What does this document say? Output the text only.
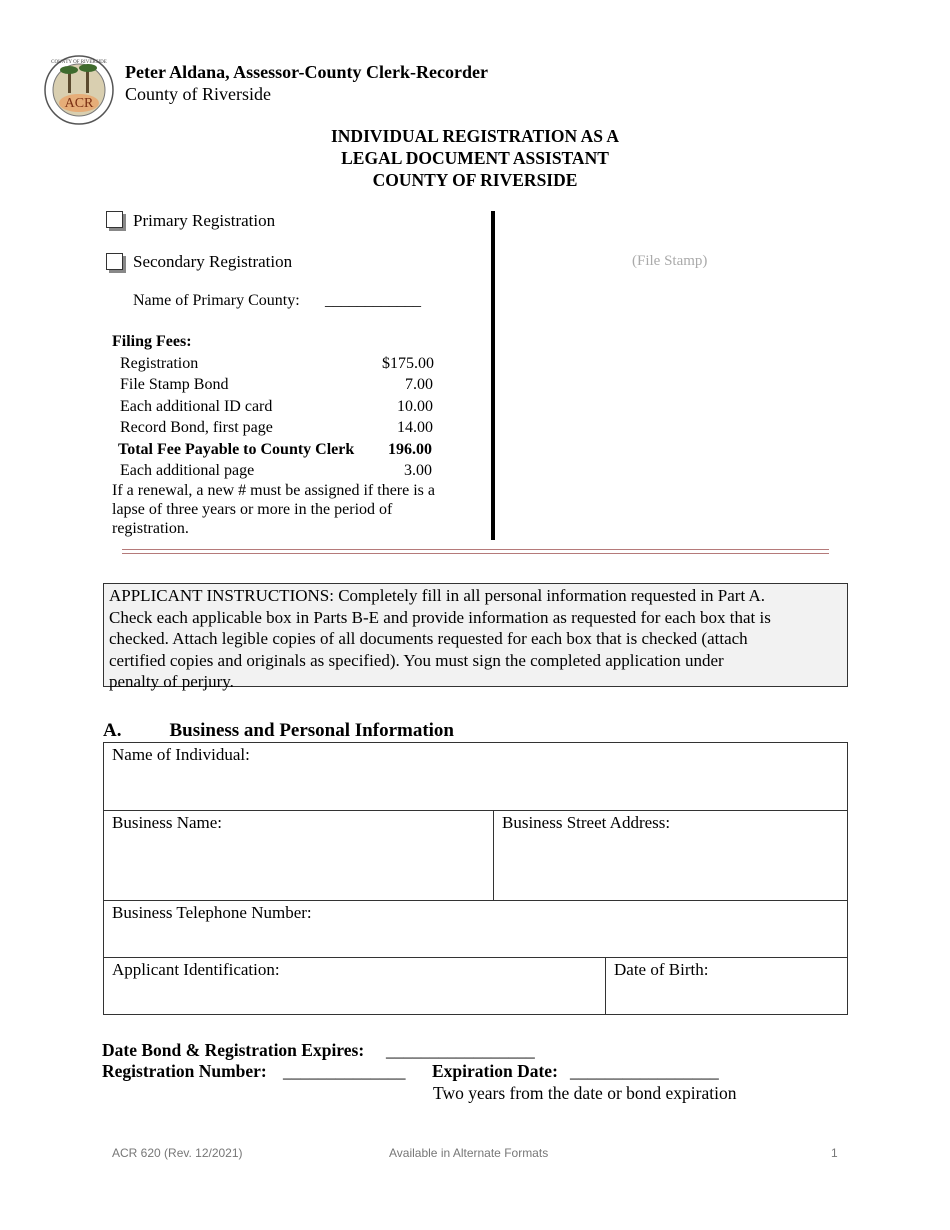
ACR
COUNTY OF RIVERSIDE Peter Aldana, Assessor-County Clerk-Recorder
County of Riverside
INDIVIDUAL REGISTRATION AS A
LEGAL DOCUMENT ASSISTANT
COUNTY OF RIVERSIDE
Primary Registration
Secondary Registration
Name of Primary County: ____________
(File Stamp)
Filing Fees:
Registration	$175.00
File Stamp Bond	7.00
Each additional ID card	10.00
Record Bond, first page	14.00
Total Fee Payable to County Clerk	196.00
Each additional page	3.00
If a renewal, a new # must be assigned if there is a
lapse of three years or more in the period of
registration.
APPLICANT INSTRUCTIONS: Completely fill in all personal information requested in Part A.
Check each applicable box in Parts B-E and provide information as requested for each box that is
checked. Attach legible copies of all documents requested for each box that is checked (attach
certified copies and originals as specified). You must sign the completed application under
penalty of perjury.
A.	Business and Personal Information
Name of Individual:
Business Name:	Business Street Address:
Business Telephone Number:
Applicant Identification:	Date of Birth:
Date Bond & Registration Expires: _________________
Registration Number: ______________ Expiration Date: _________________
Two years from the date or bond expiration
ACR 620 (Rev. 12/2021)	Available in Alternate Formats	1
